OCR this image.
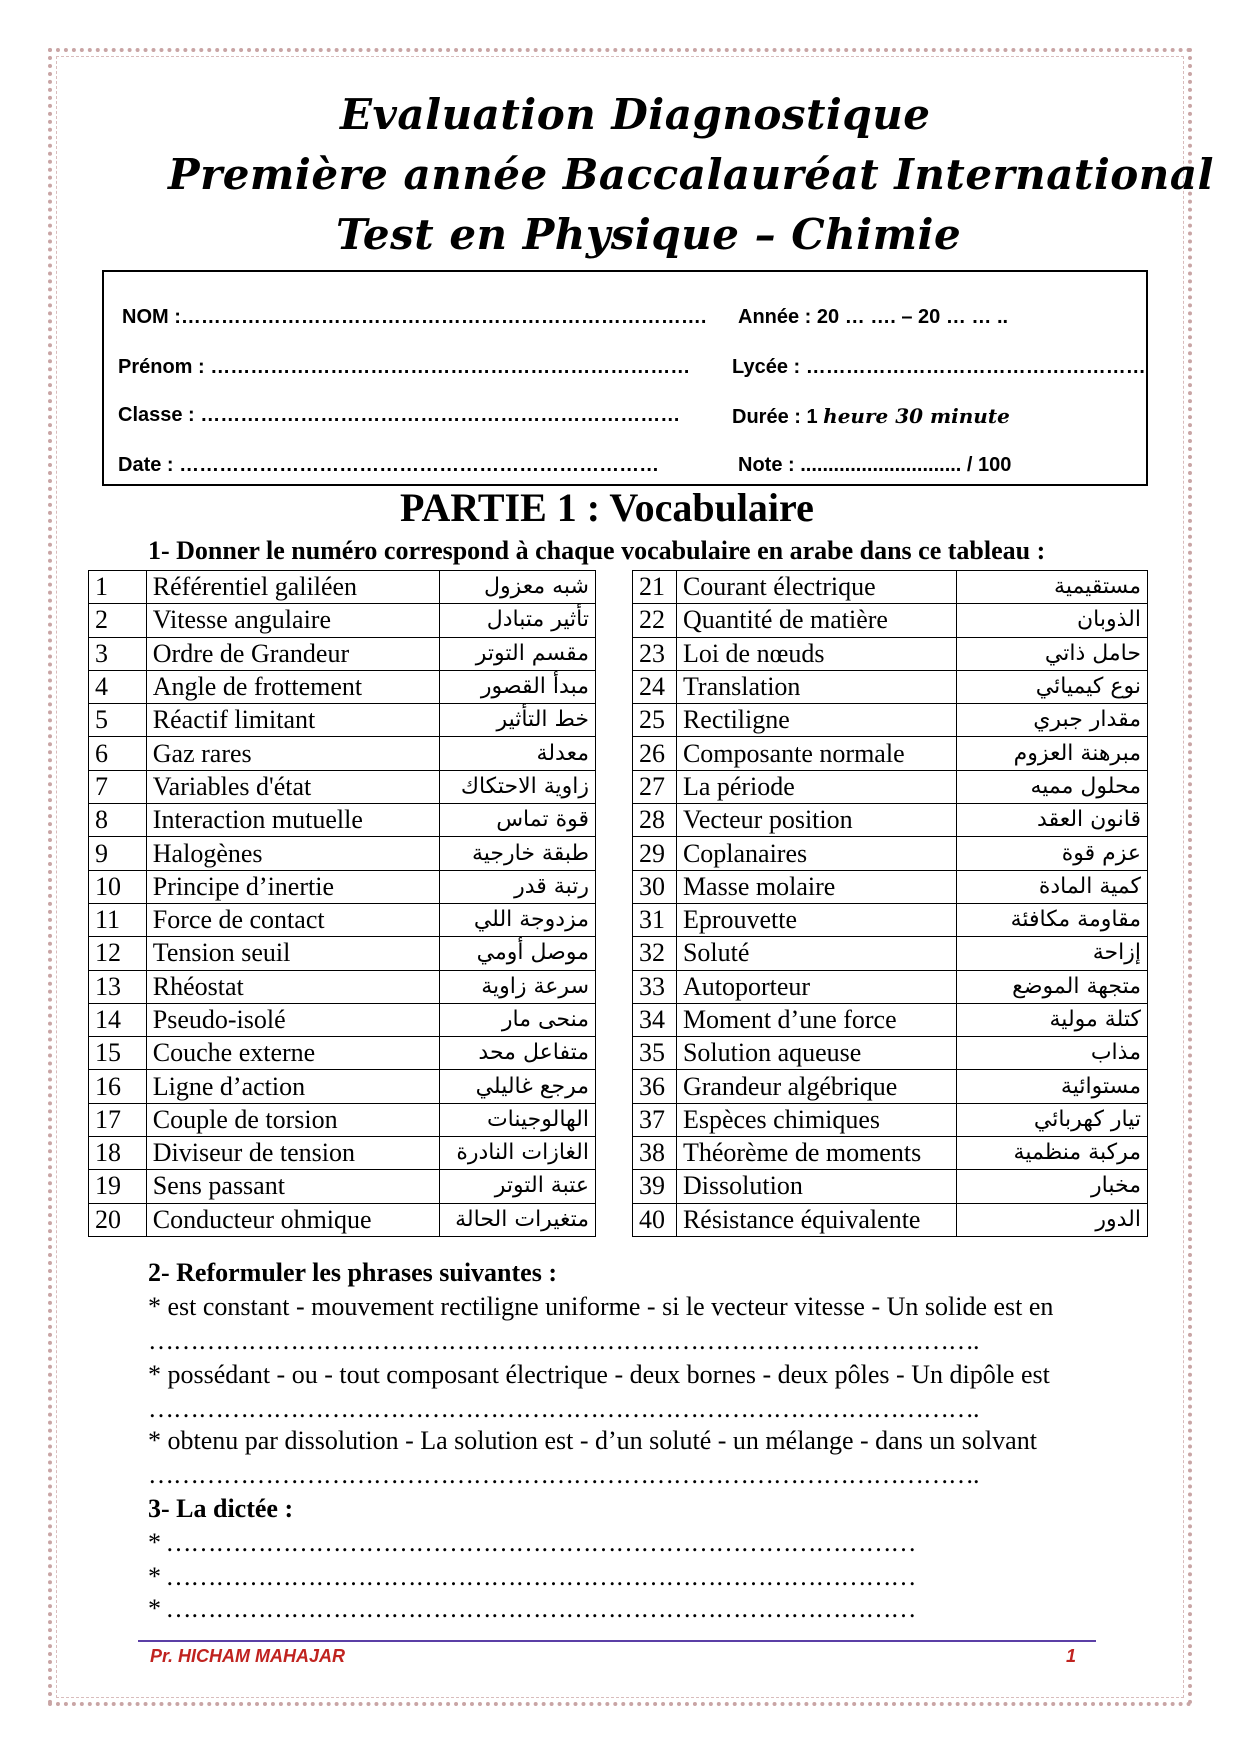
Evaluation Diagnostique
Première année Baccalauréat International
Test en Physique – Chimie
NOM :……………………………………………………………………. Année : 20 … …. – 20 … … ..
Prénom : ……………………………………………………………… Lycée : ……………………………………………
Classe : ………………………………………………………………	Durée : 1 heure 30 minute
Date : ………………………………………………………………	Note : ............................. / 100
PARTIE 1 : Vocabulaire
1- Donner le numéro correspond à chaque vocabulaire en arabe dans ce tableau :
1	Référentiel galiléen	شبه معزول
2	Vitesse angulaire	تأثير متبادل
3	Ordre de Grandeur	مقسم التوتر
4	Angle de frottement	مبدأ القصور
5	Réactif limitant	خط التأثير
6	Gaz rares	معدلة
7	Variables d'état	زاوية الاحتكاك
8	Interaction mutuelle	قوة تماس
9	Halogènes	طبقة خارجية
10	Principe d’inertie	رتبة قدر
11	Force de contact	مزدوجة اللي
12	Tension seuil	موصل أومي
13	Rhéostat	سرعة زاوية
14	Pseudo-isolé	منحى مار
15	Couche externe	متفاعل محد
16	Ligne d’action	مرجع غاليلي
17	Couple de torsion	الهالوجينات
18	Diviseur de tension	الغازات النادرة
19	Sens passant	عتبة التوتر
20	Conducteur ohmique	متغيرات الحالة
21	Courant électrique	مستقيمية
22	Quantité de matière	الذوبان
23	Loi de nœuds	حامل ذاتي
24	Translation	نوع كيميائي
25	Rectiligne	مقدار جبري
26	Composante normale	مبرهنة العزوم
27	La période	محلول مميه
28	Vecteur position	قانون العقد
29	Coplanaires	عزم قوة
30	Masse molaire	كمية المادة
31	Eprouvette	مقاومة مكافئة
32	Soluté	إزاحة
33	Autoporteur	متجهة الموضع
34	Moment d’une force	كتلة مولية
35	Solution aqueuse	مذاب
36	Grandeur algébrique	مستوائية
37	Espèces chimiques	تيار كهربائي
38	Théorème de moments	مركبة منظمية
39	Dissolution	مخبار
40	Résistance équivalente	الدور
2- Reformuler les phrases suivantes :
* est constant - mouvement rectiligne uniforme - si le vecteur vitesse - Un solide est en
……………………………………………………………………………………….
* possédant - ou - tout composant électrique - deux bornes - deux pôles - Un dipôle est
……………………………………………………………………………………….
* obtenu par dissolution - La solution est - d’un soluté - un mélange - dans un solvant
……………………………………………………………………………………….
3- La dictée :
* ………………………………………………………………………………
* ………………………………………………………………………………
* ………………………………………………………………………………
Pr. HICHAM MAHAJAR	1
